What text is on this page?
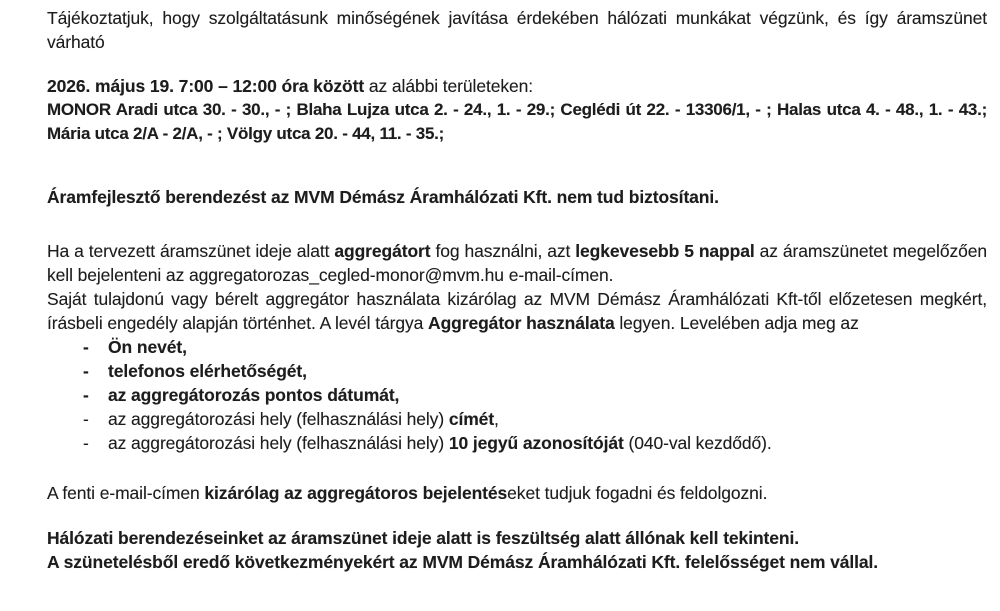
Tájékoztatjuk, hogy szolgáltatásunk minőségének javítása érdekében hálózati munkákat végzünk, és így áramszünet várható

2026. május 19. 7:00 – 12:00 óra között az alábbi területeken:
MONOR Aradi utca 30. - 30., - ; Blaha Lujza utca 2. - 24., 1. - 29.; Ceglédi út 22. - 13306/1, - ; Halas utca 4. - 48., 1. - 43.; Mária utca 2/A - 2/A, - ; Völgy utca 20. - 44, 11. - 35.;

Áramfejlesztő berendezést az MVM Démász Áramhálózati Kft. nem tud biztosítani.

Ha a tervezett áramszünet ideje alatt aggregátort fog használni, azt legkevesebb 5 nappal az áramszünetet megelőzően kell bejelenteni az aggregatorozas_cegled-monor@mvm.hu e-mail-címen.

Saját tulajdonú vagy bérelt aggregátor használata kizárólag az MVM Démász Áramhálózati Kft-től előzetesen megkért, írásbeli engedély alapján történhet. A levél tárgya Aggregátor használata legyen. Levelében adja meg az

-	Ön nevét,
-	telefonos elérhetőségét,
-	az aggregátorozás pontos dátumát,
-	az aggregátorozási hely (felhasználási hely) címét,
-	az aggregátorozási hely (felhasználási hely) 10 jegyű azonosítóját (040-val kezdődő).

A fenti e-mail-címen kizárólag az aggregátoros bejelentéseket tudjuk fogadni és feldolgozni.

Hálózati berendezéseinket az áramszünet ideje alatt is feszültség alatt állónak kell tekinteni.
A szünetelésből eredő következményekért az MVM Démász Áramhálózati Kft. felelősséget nem vállal.
